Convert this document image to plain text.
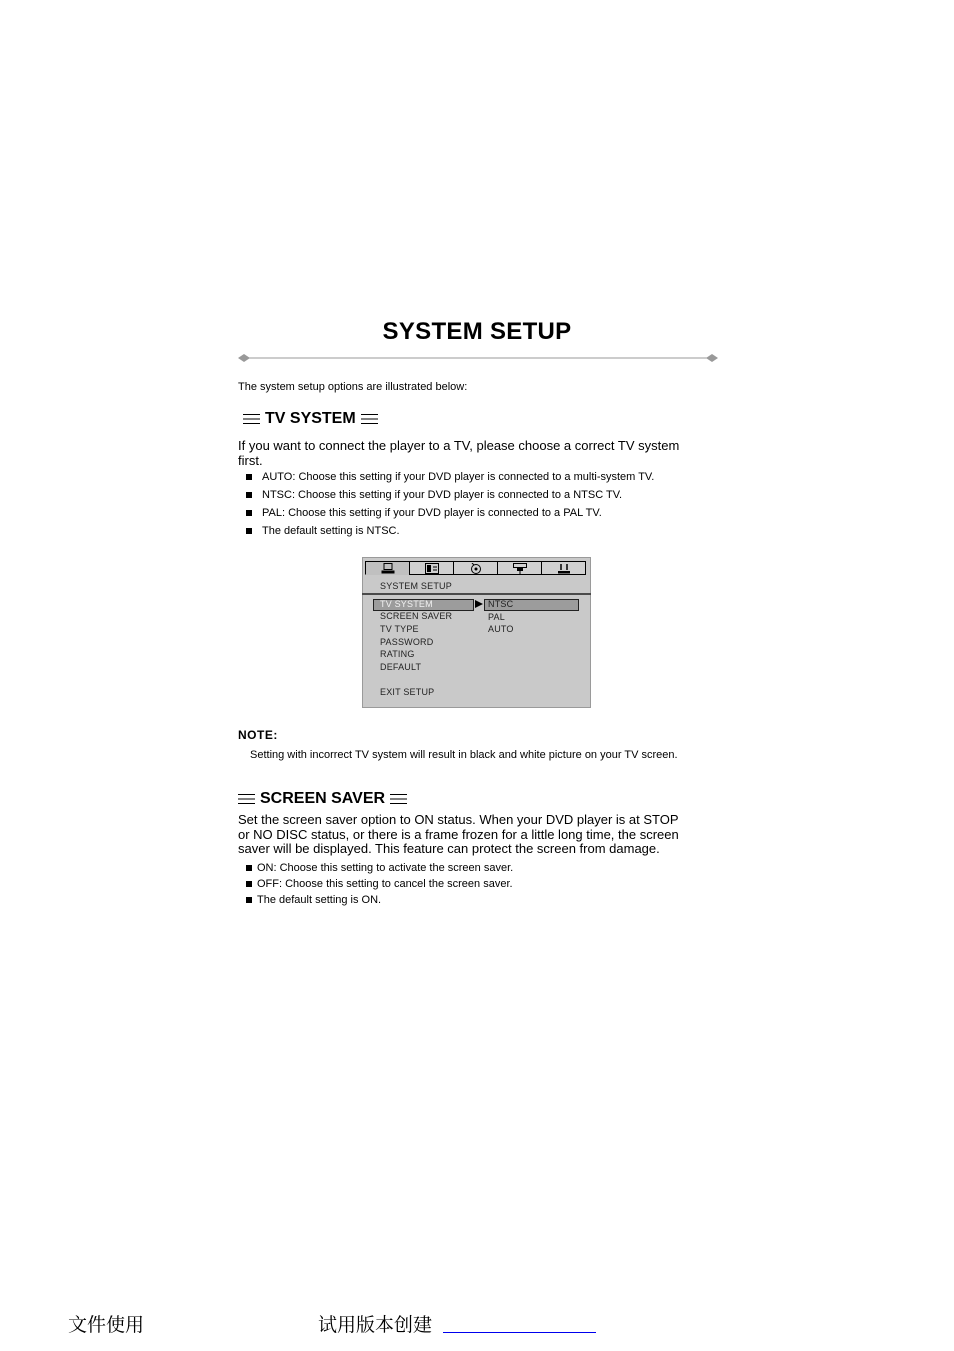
SYSTEM SETUP
The system setup options are illustrated below:
TV SYSTEM
If you want to connect the player to a TV, please choose a correct TV system
first.
AUTO: Choose this setting if your DVD player is connected to a multi-system TV.
NTSC: Choose this setting if your DVD player is connected to a NTSC TV.
PAL: Choose this setting if your DVD player is connected to a PAL TV.
The default setting is NTSC.
SYSTEM SETUP
TV SYSTEM
SCREEN SAVER
TV TYPE
PASSWORD
RATING
DEFAULT
EXIT SETUP
NTSC
PAL
AUTO
NOTE:
Setting with incorrect TV system will result in black and white picture on your TV screen.
SCREEN SAVER
Set the screen saver option to ON status. When your DVD player is at STOP
or NO DISC status, or there is a frame frozen for a little long time, the screen
saver will be displayed. This feature can protect the screen from damage.
ON: Choose this setting to activate the screen saver.
OFF: Choose this setting to cancel the screen saver.
The default setting is ON.
文件使用	试用版本创建
